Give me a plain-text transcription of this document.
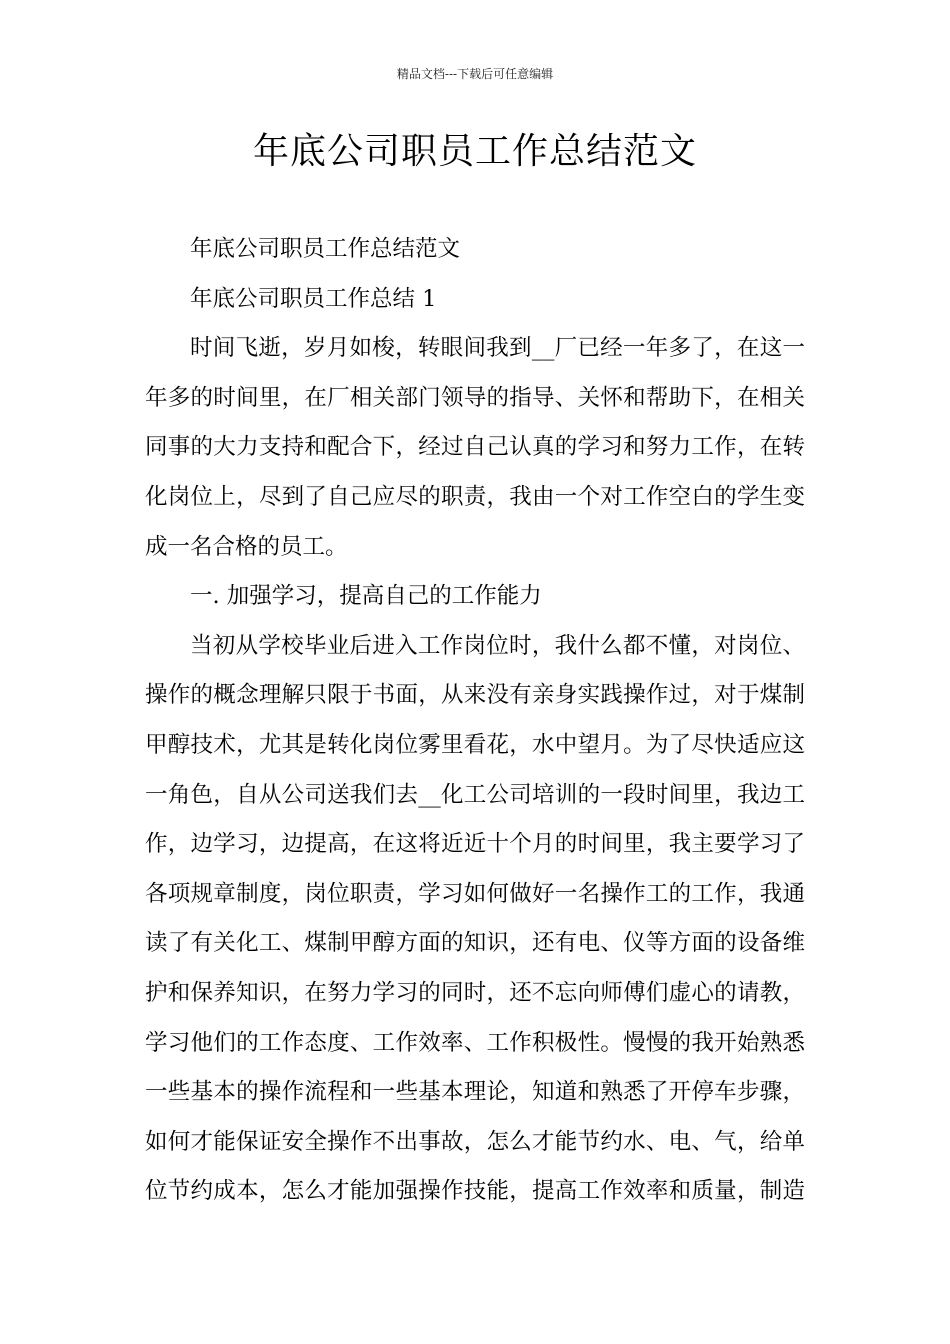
精品文档---下载后可任意编辑
年底公司职员工作总结范文
年底公司职员工作总结范文
年底公司职员工作总结 1
时间飞逝，岁月如梭，转眼间我到__厂已经一年多了，在这一
年多的时间里，在厂相关部门领导的指导、关怀和帮助下，在相关
同事的大力支持和配合下，经过自己认真的学习和努力工作，在转
化岗位上，尽到了自己应尽的职责，我由一个对工作空白的学生变
成一名合格的员工。
一. 加强学习，提高自己的工作能力
当初从学校毕业后进入工作岗位时，我什么都不懂，对岗位、
操作的概念理解只限于书面，从来没有亲身实践操作过，对于煤制
甲醇技术，尤其是转化岗位雾里看花，水中望月。为了尽快适应这
一角色，自从公司送我们去__化工公司培训的一段时间里，我边工
作，边学习，边提高，在这将近近十个月的时间里，我主要学习了
各项规章制度，岗位职责，学习如何做好一名操作工的工作，我通
读了有关化工、煤制甲醇方面的知识，还有电、仪等方面的设备维
护和保养知识，在努力学习的同时，还不忘向师傅们虚心的请教，
学习他们的工作态度、工作效率、工作积极性。慢慢的我开始熟悉
一些基本的操作流程和一些基本理论，知道和熟悉了开停车步骤，
如何才能保证安全操作不出事故，怎么才能节约水、电、气，给单
位节约成本，怎么才能加强操作技能，提高工作效率和质量，制造
